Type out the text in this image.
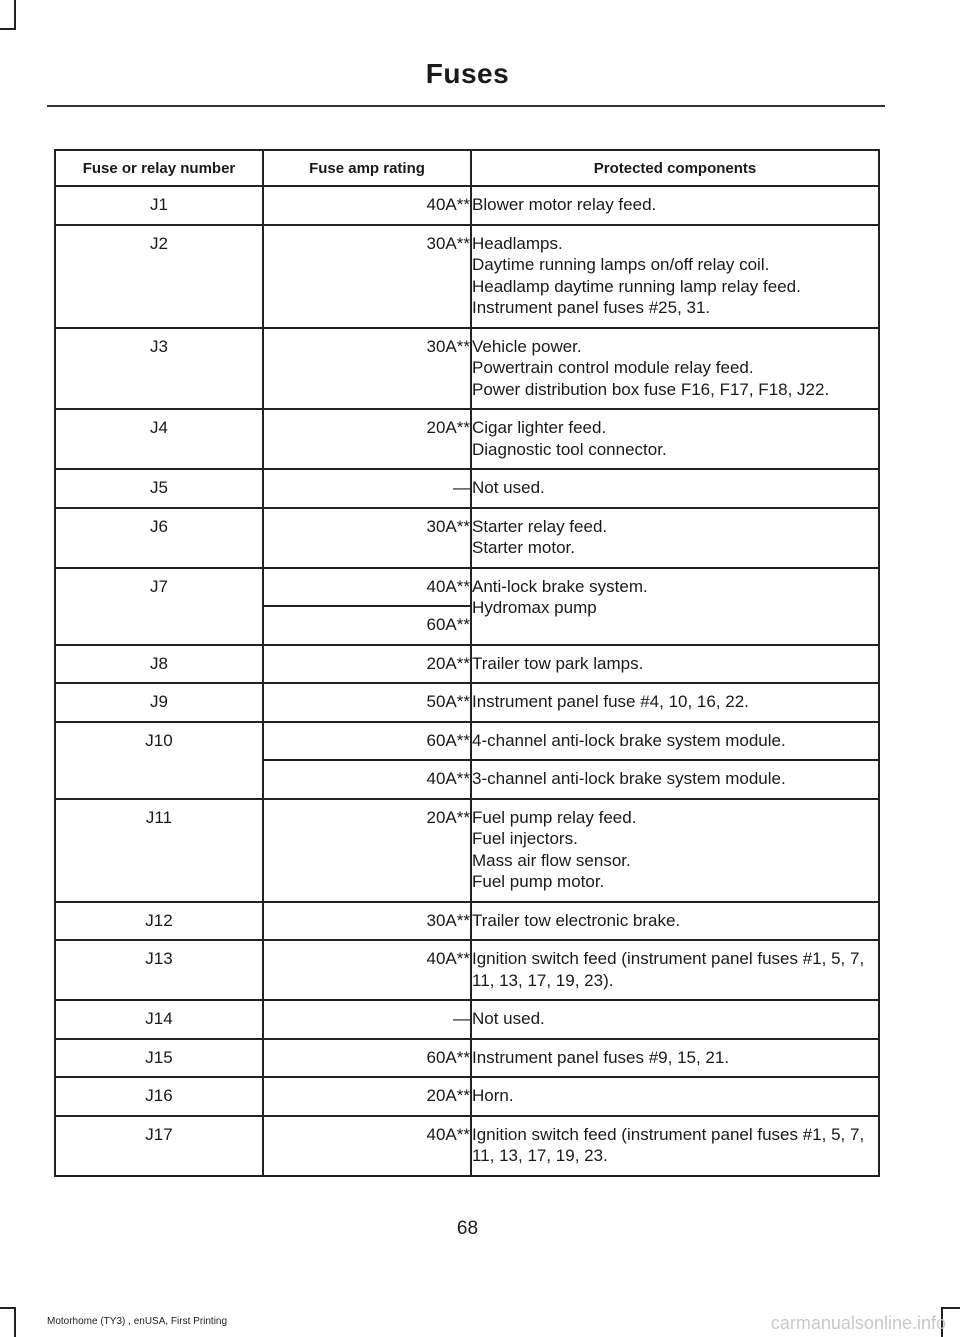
Fuses
Fuse or relay number	Fuse amp rating	Protected components
J1	40A**	Blower motor relay feed.

J2	30A**	Headlamps.
Daytime running lamps on/off relay coil.
Headlamp daytime running lamp relay feed.
Instrument panel fuses #25, 31.

J3	30A**	Vehicle power.
Powertrain control module relay feed.
Power distribution box fuse F16, F17, F18, J22.

J4	20A**	Cigar lighter feed.
Diagnostic tool connector.

J5	—	Not used.

J6	30A**	Starter relay feed.
Starter motor.

J7	40A**	Anti-lock brake system.
Hydromax pump

	60A**	
J8	20A**	Trailer tow park lamps.

J9	50A**	Instrument panel fuse #4, 10, 16, 22.

J10	60A**	4-channel anti-lock brake system module.

	40A**	3-channel anti-lock brake system module.

J11	20A**	Fuel pump relay feed.
Fuel injectors.
Mass air flow sensor.
Fuel pump motor.

J12	30A**	Trailer tow electronic brake.

J13	40A**	Ignition switch feed (instrument panel fuses #1, 5, 7, 11, 13, 17, 19, 23).

J14	—	Not used.

J15	60A**	Instrument panel fuses #9, 15, 21.

J16	20A**	Horn.

J17	40A**	Ignition switch feed (instrument panel fuses #1, 5, 7, 11, 13, 17, 19, 23.
68
Motorhome (TY3) , enUSA, First Printing	carmanualsonline.info
